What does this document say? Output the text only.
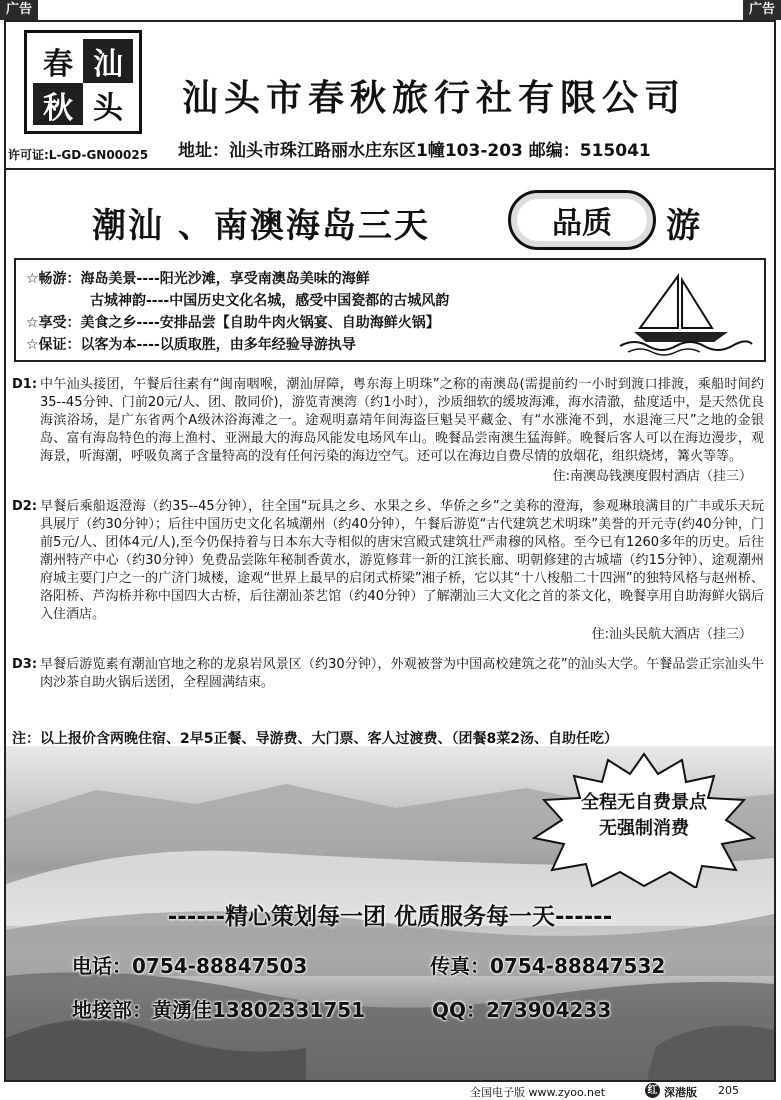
广告	广告
春 汕
秋 头 汕头市春秋旅行社有限公司
许可证:L-GD-GN00025 地址：汕头市珠江路丽水庄东区1幢103-203 邮编：515041
潮汕 、南澳海岛三天	品质	游
☆畅游：海岛美景----阳光沙滩，享受南澳岛美味的海鲜
古城神韵----中国历史文化名城，感受中国瓷都的古城风韵
☆享受：美食之乡----安排品尝【自助牛肉火锅宴、自助海鲜火锅】
☆保证：以客为本----以质取胜，由多年经验导游执导
D1: 中午汕头接团，午餐后往素有“闽南咽喉，潮汕屏障，粤东海上明珠”之称的南澳岛(需提前约一小时到渡口排渡，乘船时间约35--45分钟、门前20元/人、团、散同价)，游览青澳湾（约1小时），沙质细软的缓坡海滩，海水清澈，盐度适中，是天然优良海滨浴场，是广东省两个A级沐浴海滩之一。途观明嘉靖年间海盗巨魁吴平藏金、有“水涨淹不到，水退淹三尺”之地的金银岛、富有海岛特色的海上渔村、亚洲最大的海岛风能发电场风车山。晚餐品尝南澳生猛海鲜。晚餐后客人可以在海边漫步，观海景，听海潮，呼吸负离子含量特高的没有任何污染的海边空气。还可以在海边自费尽情的放烟花，组织烧烤，篝火等等。
住:南澳岛钱澳度假村酒店（挂三）
D2: 早餐后乘船返澄海（约35--45分钟），往全国“玩具之乡、水果之乡、华侨之乡”之美称的澄海，参观琳琅满目的广丰或乐天玩具展厅（约30分钟）；后往中国历史文化名城潮州（约40分钟），午餐后游览“古代建筑艺术明珠”美誉的开元寺(约40分钟，门前5元/人、团体4元/人),至今仍保持着与日本东大寺相似的唐宋宫殿式建筑壮严肃穆的风格。至今已有1260多年的历史。后往潮州特产中心（约30分钟）免费品尝陈年秘制香黄水，游览修茸一新的江滨长廊、明朝修建的古城墙（约15分钟）、途观潮州府城主要门户之一的广济门城楼，途观“世界上最早的启闭式桥梁”湘子桥，它以其“十八梭船二十四洲”的独特风格与赵州桥、洛阳桥、芦沟桥并称中国四大古桥，后往潮汕茶艺馆（约40分钟）了解潮汕三大文化之首的茶文化，晚餐享用自助海鲜火锅后入住酒店。
住:汕头民航大酒店（挂三）
D3: 早餐后游览素有潮汕官地之称的龙泉岩风景区（约30分钟），外观被誉为中国高校建筑之花”的汕头大学。午餐品尝正宗汕头牛肉沙茶自助火锅后送团，全程圆满结束。
注：以上报价含两晚住宿、2早5正餐、导游费、大门票、客人过渡费、（团餐8菜2汤、自助任吃）
全程无自费景点
无强制消费
------精心策划每一团 优质服务每一天------
电话：0754-88847503	传真：0754-88847532
地接部：黄湧佳13802331751	QQ：273904233
全国电子版 www.zyoo.net	红 深港版 205
